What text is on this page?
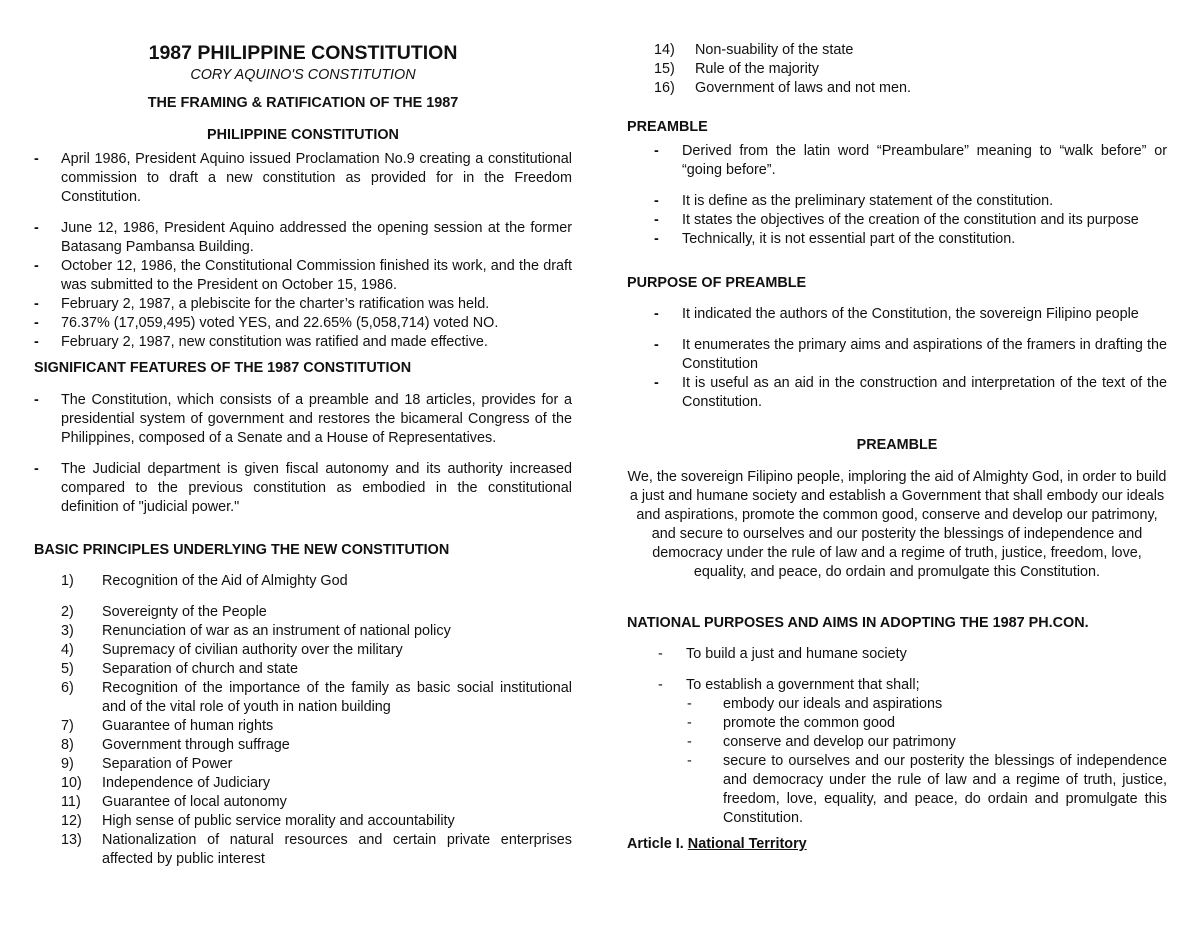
1987 PHILIPPINE CONSTITUTION
CORY AQUINO'S CONSTITUTION
THE FRAMING & RATIFICATION OF THE 1987
PHILIPPINE CONSTITUTION
- April 1986, President Aquino issued Proclamation No.9 creating a constitutional commission to draft a new constitution as provided for in the Freedom Constitution.
- June 12, 1986, President Aquino addressed the opening session at the former Batasang Pambansa Building.
- October 12, 1986, the Constitutional Commission finished its work, and the draft was submitted to the President on October 15, 1986.
- February 2, 1987, a plebiscite for the charter’s ratification was held.
- 76.37% (17,059,495) voted YES, and 22.65% (5,058,714) voted NO.
- February 2, 1987, new constitution was ratified and made effective.
SIGNIFICANT FEATURES OF THE 1987 CONSTITUTION
- The Constitution, which consists of a preamble and 18 articles, provides for a presidential system of government and restores the bicameral Congress of the Philippines, composed of a Senate and a House of Representatives.
- The Judicial department is given fiscal autonomy and its authority increased compared to the previous constitution as embodied in the constitutional definition of "judicial power."
BASIC PRINCIPLES UNDERLYING THE NEW CONSTITUTION
1) Recognition of the Aid of Almighty God
2) Sovereignty of the People
3) Renunciation of war as an instrument of national policy
4) Supremacy of civilian authority over the military
5) Separation of church and state
6) Recognition of the importance of the family as basic social institutional and of the vital role of youth in nation building
7) Guarantee of human rights
8) Government through suffrage
9) Separation of Power
10) Independence of Judiciary
11) Guarantee of local autonomy
12) High sense of public service morality and accountability
13) Nationalization of natural resources and certain private enterprises affected by public interest
14) Non-suability of the state
15) Rule of the majority
16) Government of laws and not men.
PREAMBLE
- Derived from the latin word “Preambulare” meaning to “walk before” or “going before”.
- It is define as the preliminary statement of the constitution.
- It states the objectives of the creation of the constitution and its purpose
- Technically, it is not essential part of the constitution.
PURPOSE OF PREAMBLE
- It indicated the authors of the Constitution, the sovereign Filipino people
- It enumerates the primary aims and aspirations of the framers in drafting the Constitution
- It is useful as an aid in the construction and interpretation of the text of the Constitution.
PREAMBLE
We, the sovereign Filipino people, imploring the aid of Almighty God, in order to build a just and humane society and establish a Government that shall embody our ideals and aspirations, promote the common good, conserve and develop our patrimony, and secure to ourselves and our posterity the blessings of independence and democracy under the rule of law and a regime of truth, justice, freedom, love, equality, and peace, do ordain and promulgate this Constitution.
NATIONAL PURPOSES AND AIMS IN ADOPTING THE 1987 PH.CON.
- To build a just and humane society
- To establish a government that shall;
- embody our ideals and aspirations
- promote the common good
- conserve and develop our patrimony
- secure to ourselves and our posterity the blessings of independence and democracy under the rule of law and a regime of truth, justice, freedom, love, equality, and peace, do ordain and promulgate this Constitution.
Article I. National Territory
